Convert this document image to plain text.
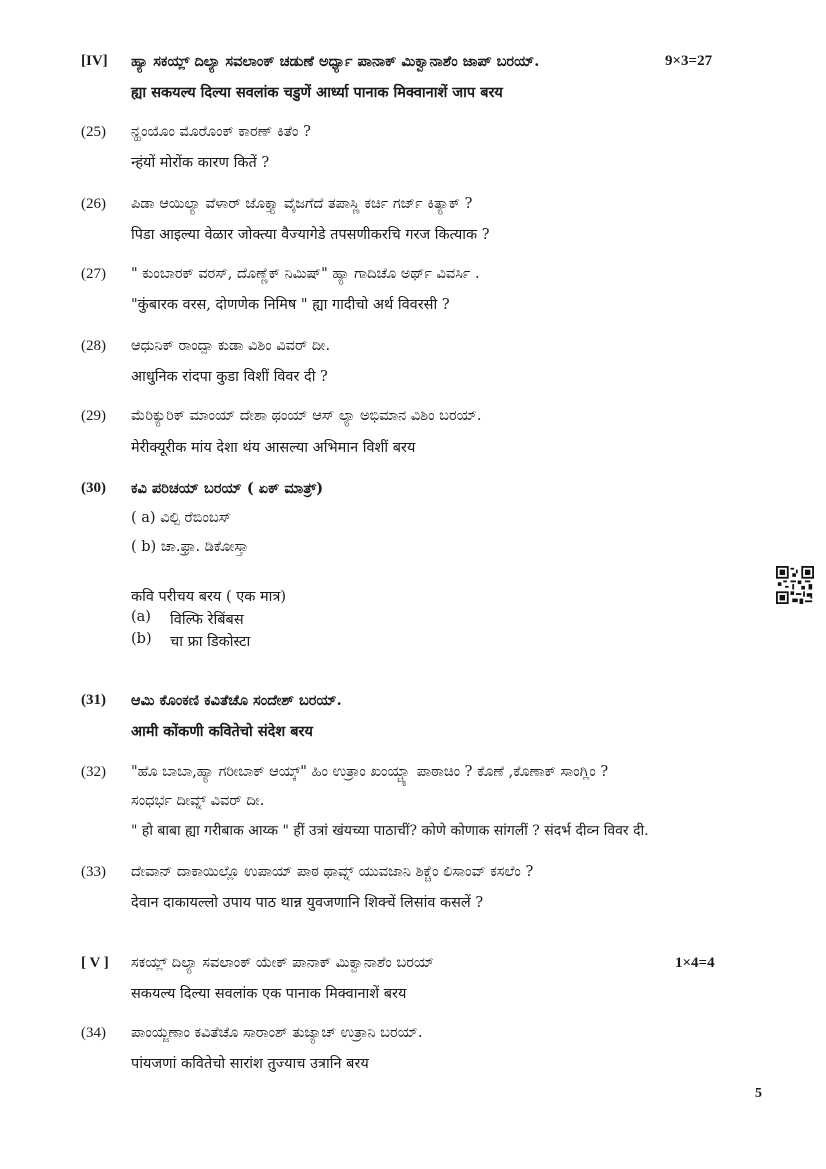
[IV] ಹ್ಯಾ ಸಕಯ್ಲ್ ದಿಲ್ಯಾ ಸವಲಾಂಕ್ ಚಡುಣೆ ಅರ್ಧ್ಯಾ ಪಾನಾಕ್ ಮಿಕ್ವಾನಾಶೆಂ ಜಾಪ್ ಬರಯ್.	9×3=27
ह्या सकयल्य दिल्या सवलांक चडुणें आर्ध्या पानाक मिक्वानाशें जाप बरय
(25) ನ್ಹಂಯೊಂ ಮೊರೊಂಕ್ ಕಾರಣ್ ಕಿತೆಂ ?
न्हंयों मोरोंक कारण कितें ?
(26) ಪಿಡಾ ಆಯಿಲ್ಯಾ ವೆಳಾರ್ ಜೊಕ್ತ್ಯಾ ವೈಜಗೆದೆ ತಪಾಸ್ಣಿ ಕರ್ಚಿ ಗರ್ಜ್ ಕಿತ್ಯಾಕ್ ?
पिडा आइल्या वेळार जोक्त्या वैज्यागेडे तपसणीकरचि गरज कित्याक ?
(27) " ಕುಂಬಾರಕ್ ವರಸ್, ದೊಣ್ಣೆಕ್ ನಿಮಿಷ್" ಹ್ಯಾ ಗಾದಿಚೊ ಅರ್ಥ್ ವಿವರ್ಸಿ .
"कुंबारक वरस, दोणणेक निमिष " ह्या गादीचो अर्थ विवरसी ?
(28) ಆಧುನಿಕ್ ರಾಂದ್ಪಾ ಕುಡಾ ವಿಶಿಂ ವಿವರ್ ದೀ.
आधुनिक रांदपा कुडा विशीं विवर दी ?
(29) ಮೆರಿಕ್ಯುರಿಕ್ ಮಾಂಯ್ ದೇಶಾ ಥಂಯ್ ಆಸ್ ಲ್ಯಾ ಅಭಿಮಾನ ವಿಶಿಂ ಬರಯ್.
मेरीक्यूरीक मांय देशा थंय आसल्या अभिमान विशीं बरय
(30) ಕವಿ ಪರಿಚಯ್ ಬರಯ್ ( ಏಕ್ ಮಾತ್ರ್)
( a) ವಿಲ್ಪಿ ರೆಬಿಂಬಸ್
( b) ಚಾ.ಫ್ರಾ. ಡಿಕೋಸ್ತಾ
कवि परीचय बरय ( एक मात्र)
(a) विल्फि रेबिंबस
(b) चा फ्रा डिकोस्टा
(31) ಆಮಿ ಕೊಂಕಣಿ ಕವಿತೆಚೊ ಸಂದೇಶ್ ಬರಯ್.
आमी कोंकणी कवितेचो संदेश बरय
(32) "ಹೊ ಬಾಬಾ,ಹ್ಯಾ ಗರೀಬಾಕ್ ಆಯ್ಕ್" ಹಿಂ ಉತ್ರಾಂ ಖಂಯ್ಚ್ಯಾ ಪಾಠಾಚಿಂ ? ಕೊಣೆ ,ಕೊಣಾಕ್ ಸಾಂಗ್ಲಿಂ ?
ಸಂಧರ್ಭ ದೀವ್ನ್ ವಿವರ್ ದೀ.
" हो बाबा ह्या गरीबाक आय्क " हीं उत्रां खंयच्या पाठाचीं? कोणे कोणाक सांगलीं ? संदर्भ दीव्न विवर दी.
(33) ದೇವಾನ್ ದಾಕಾಯಿಲ್ಲೊ ಉಪಾಯ್ ಪಾಠ ಥಾವ್ನ್ ಯುವಜಾನಿ ಶಿಕ್ಚೆಂ ಲಿಸಾಂವ್ ಕಸಲೆಂ ?
देवान दाकायल्लो उपाय पाठ थान्न युवजणानि शिक्चें लिसांव कसलें ?
[ V ] ಸಕಯ್ಲ್ ದಿಲ್ಯಾ ಸವಲಾಂಕ್ ಯೇಕ್ ಪಾನಾಕ್ ಮಿಕ್ವಾನಾಶೆಂ ಬರಯ್	1×4=4
सकयल्य दिल्या सवलांक एक पानाक मिक्वानाशें बरय
(34) ಪಾಂಯ್ಜಣಾಂ ಕವಿತೆಚೊ ಸಾರಾಂಶ್ ತುಜ್ಯಾಚ್ ಉತ್ರಾನಿ ಬರಯ್.
पांयजणां कवितेचो सारांश तुज्याच उत्रानि बरय
5
